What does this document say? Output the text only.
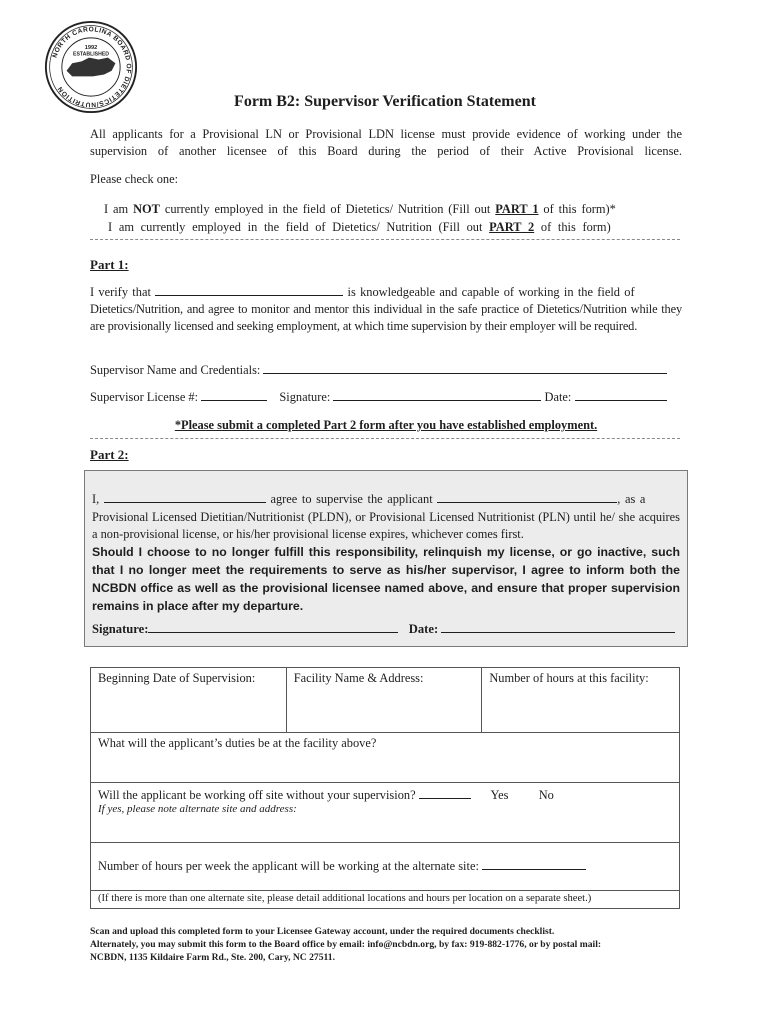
NORTH CAROLINA BOARD OF DIETETICS/NUTRITION
1992
ESTABLISHED
Form B2: Supervisor Verification Statement
All applicants for a Provisional LN or Provisional LDN license must provide evidence of working under the supervision of another licensee of this Board during the period of their Active Provisional license.
Please check one:
I am NOT currently employed in the field of Dietetics/ Nutrition (Fill out PART 1 of this form)*
I am currently employed in the field of Dietetics/ Nutrition (Fill out PART 2 of this form)
Part 1:
I verify that	is knowledgeable and capable of working in the field of
Dietetics/Nutrition, and agree to monitor and mentor this individual in the safe practice of Dietetics/Nutrition while they are provisionally licensed and seeking employment, at which time supervision by their employer will be required.
Supervisor Name and Credentials:
Supervisor License #:	Signature:	Date:
*Please submit a completed Part 2 form after you have established employment.
Part 2:
I,	agree to supervise the applicant	, as a
Provisional Licensed Dietitian/Nutritionist (PLDN), or Provisional Licensed Nutritionist (PLN) until he/ she acquires a non-provisional license, or his/her provisional license expires, whichever comes first.
Should I choose to no longer fulfill this responsibility, relinquish my license, or go inactive, such that I no longer meet the requirements to serve as his/her supervisor, I agree to inform both the NCBDN office as well as the provisional licensee named above, and ensure that proper supervision remains in place after my departure.
Signature:	Date:
Beginning Date of Supervision:	Facility Name & Address:	Number of hours at this facility:
What will the applicant’s duties be at the facility above?

Will the applicant be working off site without your supervision?	Yes No
If yes, please note alternate site and address:

Number of hours per week the applicant will be working at the alternate site:
(If there is more than one alternate site, please detail additional locations and hours per location on a separate sheet.)
Scan and upload this completed form to your Licensee Gateway account, under the required documents checklist.
Alternately, you may submit this form to the Board office by email: info@ncbdn.org, by fax: 919-882-1776, or by postal mail:
NCBDN, 1135 Kildaire Farm Rd., Ste. 200, Cary, NC 27511.
